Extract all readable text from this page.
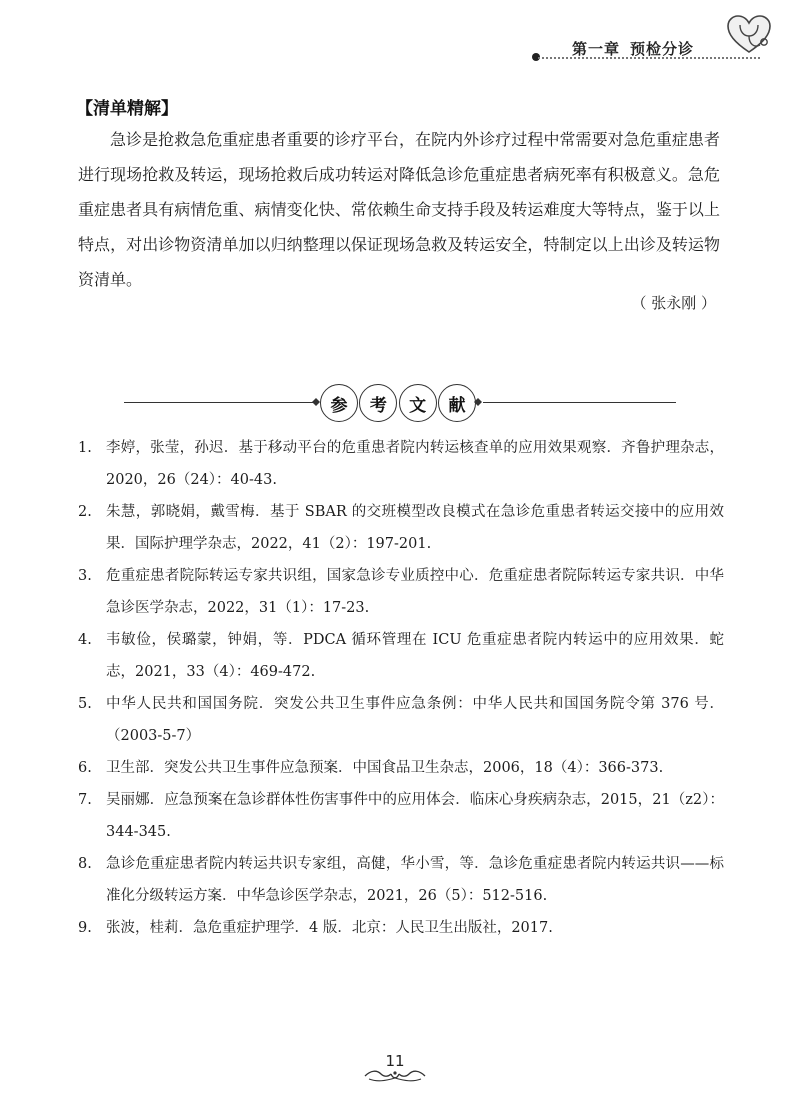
第一章 预检分诊
【清单精解】

急诊是抢救急危重症患者重要的诊疗平台，在院内外诊疗过程中常需要对急危重症患者进行现场抢救及转运，现场抢救后成功转运对降低急诊危重症患者病死率有积极意义。急危重症患者具有病情危重、病情变化快、常依赖生命支持手段及转运难度大等特点，鉴于以上特点，对出诊物资清单加以归纳整理以保证现场急救及转运安全，特制定以上出诊及转运物资清单。

（ 张永刚 ）
参	考	文	献
1. 李婷，张莹，孙迟．基于移动平台的危重患者院内转运核查单的应用效果观察．齐鲁护理杂志，2020，26（24）：40-43.
2. 朱慧，郭晓娟，戴雪梅．基于 SBAR 的交班模型改良模式在急诊危重患者转运交接中的应用效果．国际护理学杂志，2022，41（2）：197-201.
3. 危重症患者院际转运专家共识组，国家急诊专业质控中心．危重症患者院际转运专家共识．中华急诊医学杂志，2022，31（1）：17-23.
4. 韦敏俭，侯璐蒙，钟娟，等．PDCA 循环管理在 ICU 危重症患者院内转运中的应用效果．蛇志，2021，33（4）：469-472.
5. 中华人民共和国国务院．突发公共卫生事件应急条例：中华人民共和国国务院令第 376 号．（2003-5-7）
6. 卫生部．突发公共卫生事件应急预案．中国食品卫生杂志，2006，18（4）：366-373.
7. 吴丽娜．应急预案在急诊群体性伤害事件中的应用体会．临床心身疾病杂志，2015，21（z2）：344-345.
8. 急诊危重症患者院内转运共识专家组，高健，华小雪，等．急诊危重症患者院内转运共识——标准化分级转运方案．中华急诊医学杂志，2021，26（5）：512-516.
9. 张波，桂莉．急危重症护理学．4 版．北京：人民卫生出版社，2017.
11
